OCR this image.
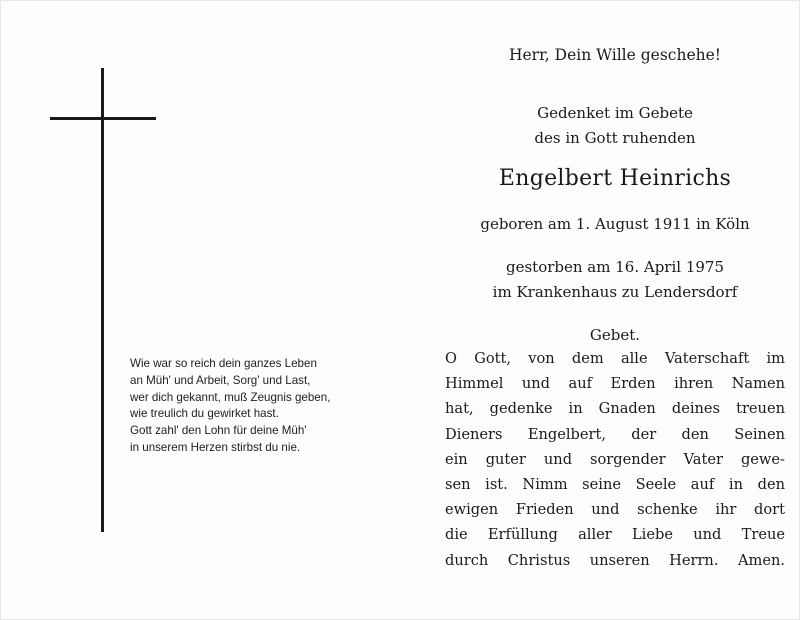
Wie war so reich dein ganzes Leben
an Müh' und Arbeit, Sorg' und Last,
wer dich gekannt, muß Zeugnis geben,
wie treulich du gewirket hast.
Gott zahl' den Lohn für deine Müh'
in unserem Herzen stirbst du nie.
Herr, Dein Wille geschehe!
Gedenket im Gebete
des in Gott ruhenden
Engelbert Heinrichs
geboren am 1. August 1911 in Köln
gestorben am 16. April 1975
im Krankenhaus zu Lendersdorf
Gebet.
O Gott, von dem alle Vaterschaft im
Himmel und auf Erden ihren Namen
hat, gedenke in Gnaden deines treuen
Dieners Engelbert, der den Seinen
ein guter und sorgender Vater gewe-
sen ist. Nimm seine Seele auf in den
ewigen Frieden und schenke ihr dort
die Erfüllung aller Liebe und Treue
durch Christus unseren Herrn. Amen.
